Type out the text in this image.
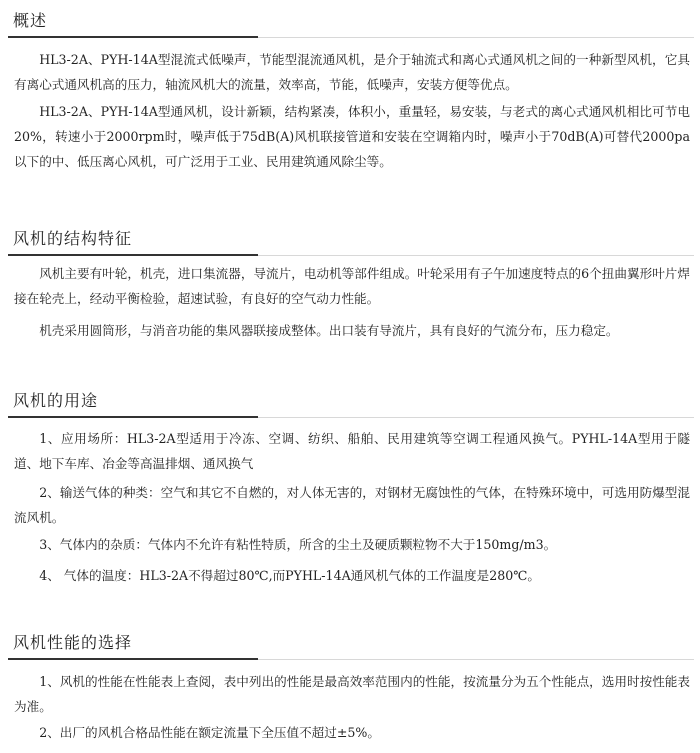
概述

HL3-2A、PYH-14A型混流式低噪声，节能型混流通风机，是介于轴流式和离心式通风机之间的一种新型风机，它具有离心式通风机高的压力，轴流风机大的流量，效率高，节能，低噪声，安装方便等优点。

HL3-2A、PYH-14A型通风机，设计新颖，结构紧凑，体积小，重量轻，易安装，与老式的离心式通风机相比可节电20%，转速小于2000rpm时，噪声低于75dB(A)风机联接管道和安装在空调箱内时，噪声小于70dB(A)可替代2000pa以下的中、低压离心风机，可广泛用于工业、民用建筑通风除尘等。

风机的结构特征

风机主要有叶轮，机壳，进口集流器，导流片，电动机等部件组成。叶轮采用有子午加速度特点的6个扭曲翼形叶片焊接在轮壳上，经动平衡检验，超速试验，有良好的空气动力性能。

机壳采用圆筒形，与消音功能的集风器联接成整体。出口装有导流片，具有良好的气流分布，压力稳定。

风机的用途

1、应用场所：HL3-2A型适用于冷冻、空调、纺织、船舶、民用建筑等空调工程通风换气。PYHL-14A型用于隧道、地下车库、冶金等高温排烟、通风换气

2、输送气体的种类：空气和其它不自燃的，对人体无害的，对钢材无腐蚀性的气体，在特殊环境中，可选用防爆型混流风机。

3、气体内的杂质：气体内不允许有粘性特质，所含的尘土及硬质颗粒物不大于150mg/m3。

4、 气体的温度：HL3-2A不得超过80℃,而PYHL-14A通风机气体的工作温度是280℃。

风机性能的选择

1、风机的性能在性能表上查阅，表中列出的性能是最高效率范围内的性能，按流量分为五个性能点，选用时按性能表为准。

2、出厂的风机合格品性能在额定流量下全压值不超过±5%。
